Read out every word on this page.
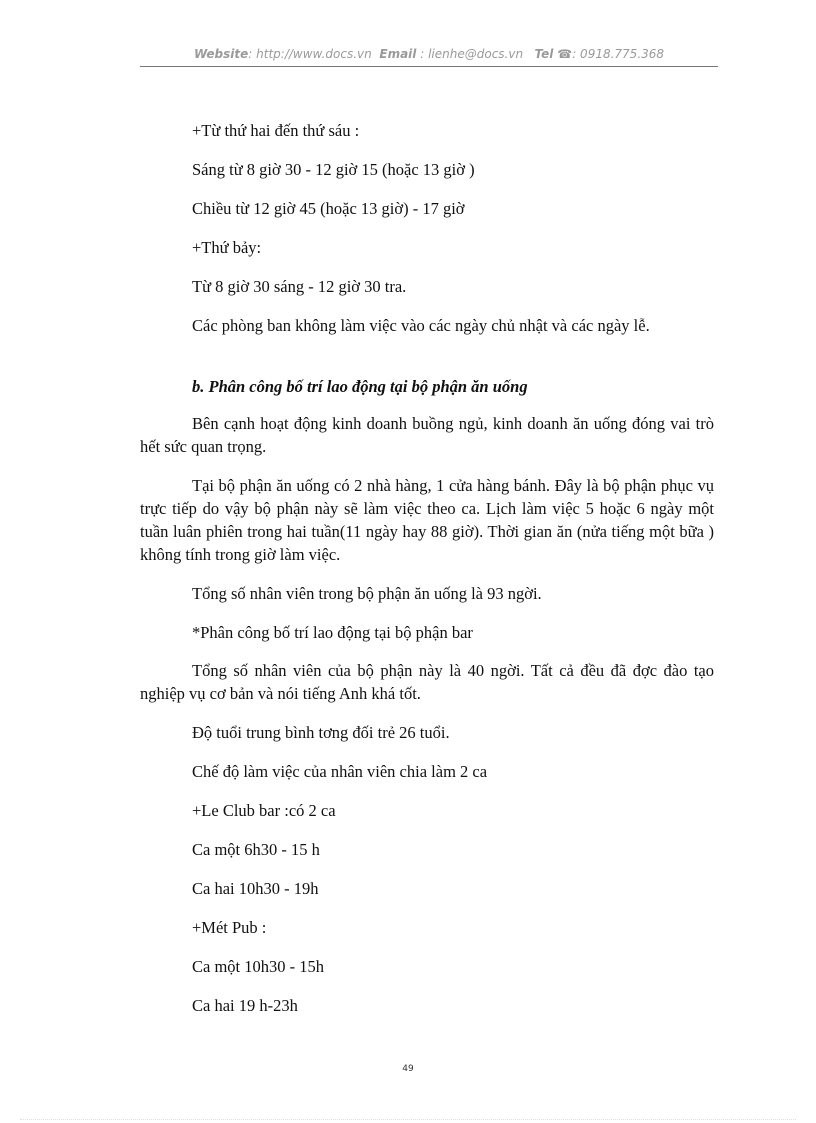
Website: http://www.docs.vn Email : lienhe@docs.vn Tel ☎: 0918.775.368

+Từ thứ hai đến thứ sáu :

Sáng từ 8 giờ 30 - 12 giờ 15 (hoặc 13 giờ )

Chiều từ 12 giờ 45 (hoặc 13 giờ) - 17 giờ

+Thứ bảy:

Từ 8 giờ 30 sáng - 12 giờ 30 tra.

Các phòng ban không làm việc vào các ngày chủ nhật và các ngày lễ.

b. Phân công bố trí lao động tại bộ phận ăn uống

Bên cạnh hoạt động kinh doanh buồng ngủ, kinh doanh ăn uống đóng vai trò hết sức quan trọng.

Tại bộ phận ăn uống có 2 nhà hàng, 1 cửa hàng bánh. Đây là bộ phận phục vụ trực tiếp do vậy bộ phận này sẽ làm việc theo ca. Lịch làm việc 5 hoặc 6 ngày một tuần luân phiên trong hai tuần(11 ngày hay 88 giờ). Thời gian ăn (nửa tiếng một bữa ) không tính trong giờ làm việc.

Tổng số nhân viên trong bộ phận ăn uống là 93 ngời.

*Phân công bố trí lao động tại bộ phận bar

Tổng số nhân viên của bộ phận này là 40 ngời. Tất cả đều đã đợc đào tạo nghiệp vụ cơ bản và nói tiếng Anh khá tốt.

Độ tuổi trung bình tơng đối trẻ 26 tuổi.

Chế độ làm việc của nhân viên chia làm 2 ca

+Le Club bar :có 2 ca

Ca một 6h30 - 15 h

Ca hai 10h30 - 19h

+Mét Pub :

Ca một 10h30 - 15h

Ca hai 19 h-23h

49
